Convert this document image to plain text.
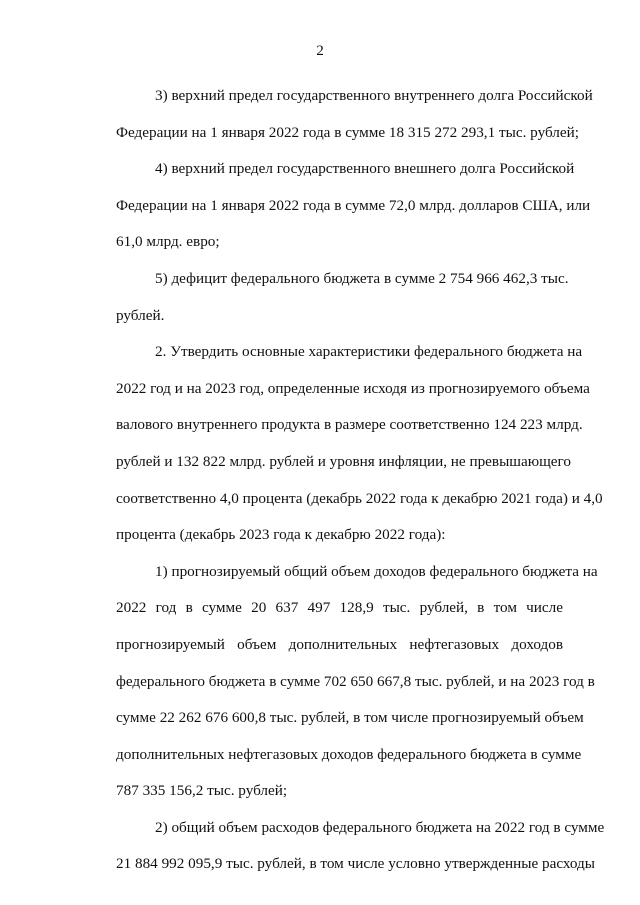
2
3) верхний предел государственного внутреннего долга Российской
Федерации на 1 января 2022 года в сумме 18 315 272 293,1 тыс. рублей;
4) верхний предел государственного внешнего долга Российской
Федерации на 1 января 2022 года в сумме 72,0 млрд. долларов США, или
61,0 млрд. евро;
5) дефицит федерального бюджета в сумме 2 754 966 462,3 тыс.
рублей.
2. Утвердить основные характеристики федерального бюджета на
2022 год и на 2023 год, определенные исходя из прогнозируемого объема
валового внутреннего продукта в размере соответственно 124 223 млрд.
рублей и 132 822 млрд. рублей и уровня инфляции, не превышающего
соответственно 4,0 процента (декабрь 2022 года к декабрю 2021 года) и 4,0
процента (декабрь 2023 года к декабрю 2022 года):
1) прогнозируемый общий объем доходов федерального бюджета на
2022 год в сумме 20 637 497 128,9 тыс. рублей, в том числе
прогнозируемый объем дополнительных нефтегазовых доходов
федерального бюджета в сумме 702 650 667,8 тыс. рублей, и на 2023 год в
сумме 22 262 676 600,8 тыс. рублей, в том числе прогнозируемый объем
дополнительных нефтегазовых доходов федерального бюджета в сумме
787 335 156,2 тыс. рублей;
2) общий объем расходов федерального бюджета на 2022 год в сумме
21 884 992 095,9 тыс. рублей, в том числе условно утвержденные расходы
